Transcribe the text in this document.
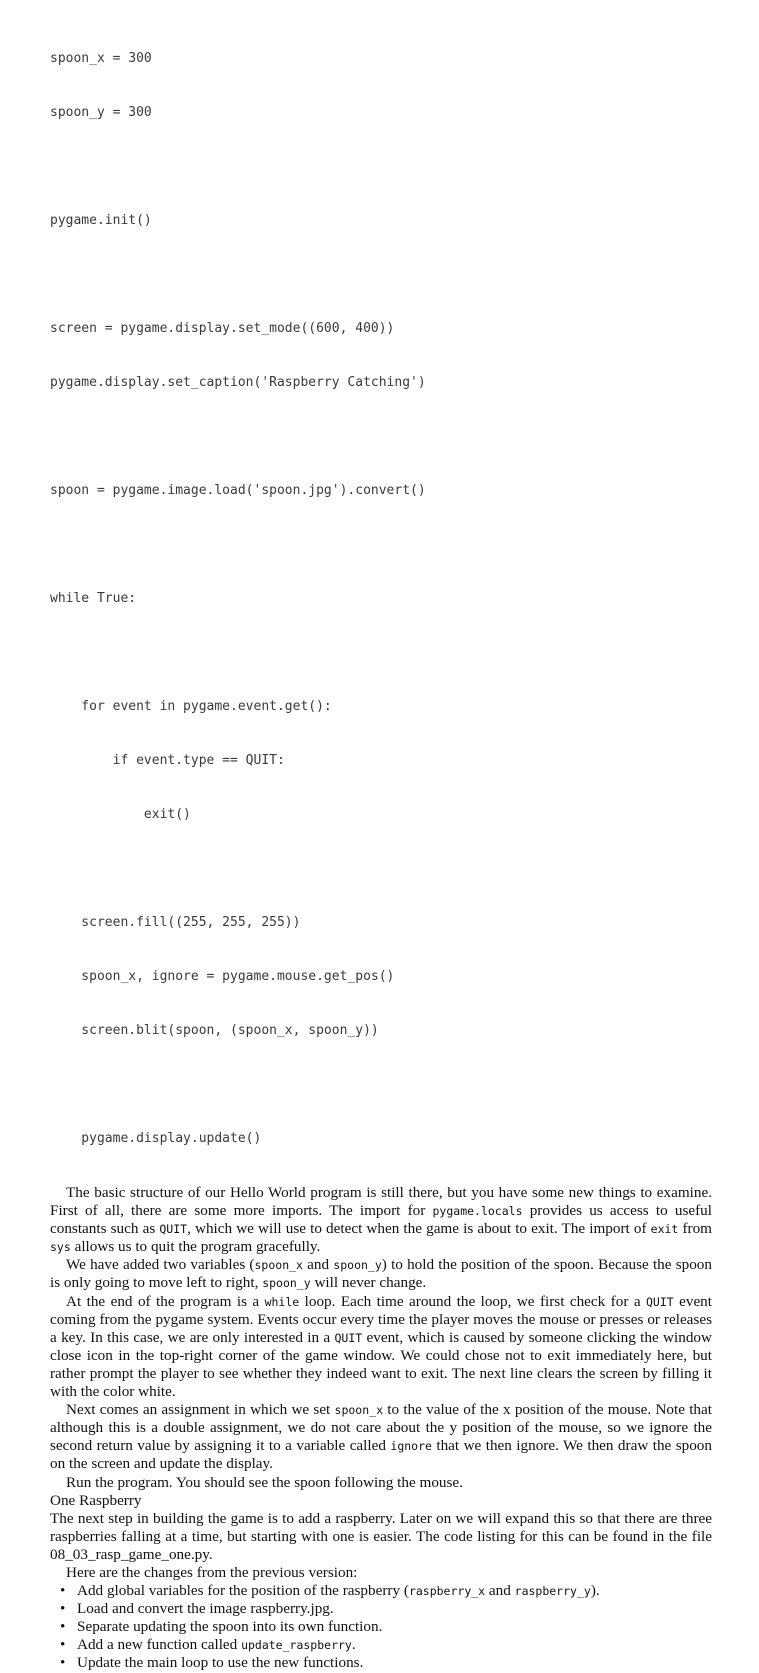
spoon_x = 300

spoon_y = 300

pygame.init()

screen = pygame.display.set_mode((600, 400))

pygame.display.set_caption('Raspberry Catching')

spoon = pygame.image.load('spoon.jpg').convert()

while True:

for event in pygame.event.get():

if event.type == QUIT:

exit()

screen.fill((255, 255, 255))

spoon_x, ignore = pygame.mouse.get_pos()

screen.blit(spoon, (spoon_x, spoon_y))

pygame.display.update()

The basic structure of our Hello World program is still there, but you have some new things to examine. First of all, there are some more imports. The import for pygame.locals provides us access to useful constants such as QUIT, which we will use to detect when the game is about to exit. The import of exit from sys allows us to quit the program gracefully.

We have added two variables (spoon_x and spoon_y) to hold the position of the spoon. Because the spoon is only going to move left to right, spoon_y will never change.

At the end of the program is a while loop. Each time around the loop, we first check for a QUIT event coming from the pygame system. Events occur every time the player moves the mouse or presses or releases a key. In this case, we are only interested in a QUIT event, which is caused by someone clicking the window close icon in the top-right corner of the game window. We could chose not to exit immediately here, but rather prompt the player to see whether they indeed want to exit. The next line clears the screen by filling it with the color white.

Next comes an assignment in which we set spoon_x to the value of the x position of the mouse. Note that although this is a double assignment, we do not care about the y position of the mouse, so we ignore the second return value by assigning it to a variable called ignore that we then ignore. We then draw the spoon on the screen and update the display.

Run the program. You should see the spoon following the mouse.

One Raspberry

The next step in building the game is to add a raspberry. Later on we will expand this so that there are three raspberries falling at a time, but starting with one is easier. The code listing for this can be found in the file 08_03_rasp_game_one.py.

Here are the changes from the previous version:

• Add global variables for the position of the raspberry (raspberry_x and raspberry_y).
• Load and convert the image raspberry.jpg.
• Separate updating the spoon into its own function.
• Add a new function called update_raspberry.
• Update the main loop to use the new functions.
